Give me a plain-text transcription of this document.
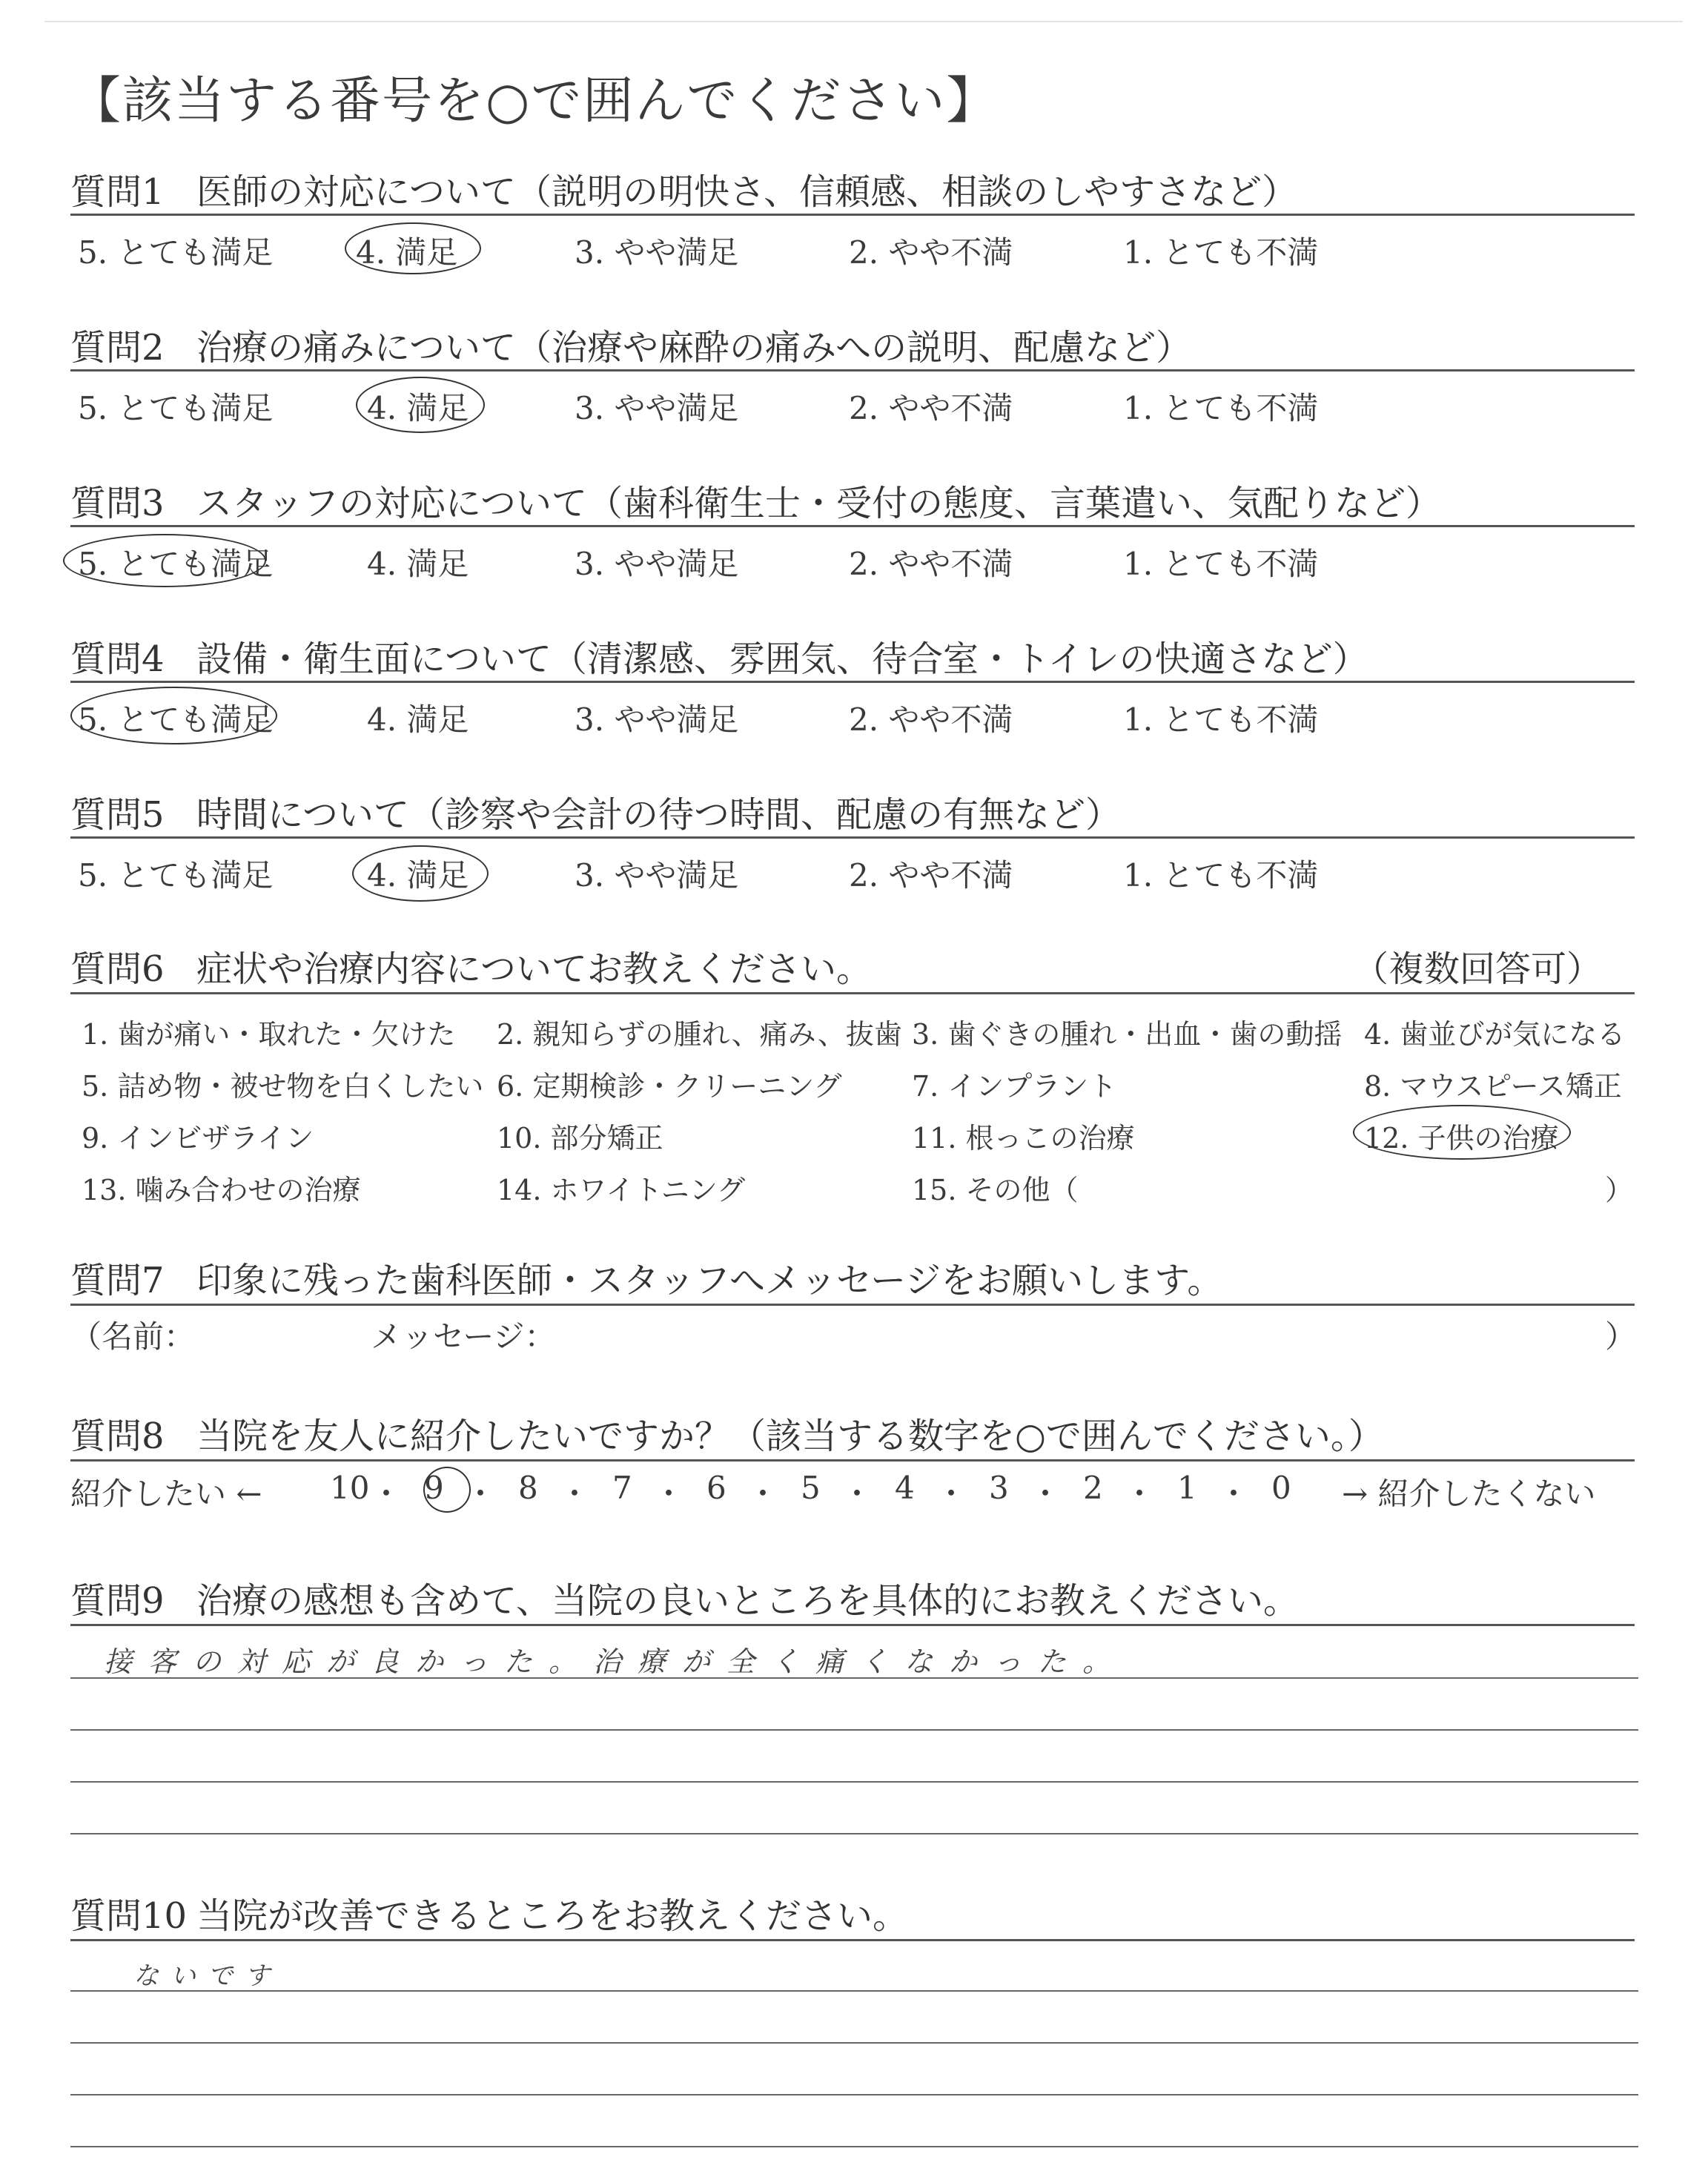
【該当する番号を○で囲んでください】
質問1 医師の対応について（説明の明快さ、信頼感、相談のしやすさなど）
5. とても満足	4. 満足	3. やや満足	2. やや不満	1. とても不満
質問2 治療の痛みについて（治療や麻酔の痛みへの説明、配慮など）
5. とても満足	4. 満足	3. やや満足	2. やや不満	1. とても不満
質問3 スタッフの対応について（歯科衛生士・受付の態度、言葉遣い、気配りなど）
5. とても満足	4. 満足	3. やや満足	2. やや不満	1. とても不満
質問4 設備・衛生面について（清潔感、雰囲気、待合室・トイレの快適さなど）
5. とても満足	4. 満足	3. やや満足	2. やや不満	1. とても不満
質問5 時間について（診察や会計の待つ時間、配慮の有無など）
5. とても満足	4. 満足	3. やや満足	2. やや不満	1. とても不満
質問6 症状や治療内容についてお教えください。	（複数回答可）
1. 歯が痛い・取れた・欠けた 2. 親知らずの腫れ、痛み、抜歯 3. 歯ぐきの腫れ・出血・歯の動揺 4. 歯並びが気になる
5. 詰め物・被せ物を白くしたい 6. 定期検診・クリーニング 7. インプラント	8. マウスピース矯正
9. インビザライン	10. 部分矯正	11. 根っこの治療	12. 子供の治療
13. 噛み合わせの治療	14. ホワイトニング	15. その他（	）
質問7 印象に残った歯科医師・スタッフへメッセージをお願いします。
（名前：	メッセージ：	）
質問8 当院を友人に紹介したいですか？（該当する数字を○で囲んでください。）
紹介したい ←	→ 紹介したくない
10 ・ 9 ・ 8 ・ 7 ・ 6 ・ 5 ・ 4 ・ 3 ・ 2 ・ 1 ・ 0
質問9 治療の感想も含めて、当院の良いところを具体的にお教えください。
接客の対応が良かった。治療が全く痛くなかった。
質問10 当院が改善できるところをお教えください。
ないです
